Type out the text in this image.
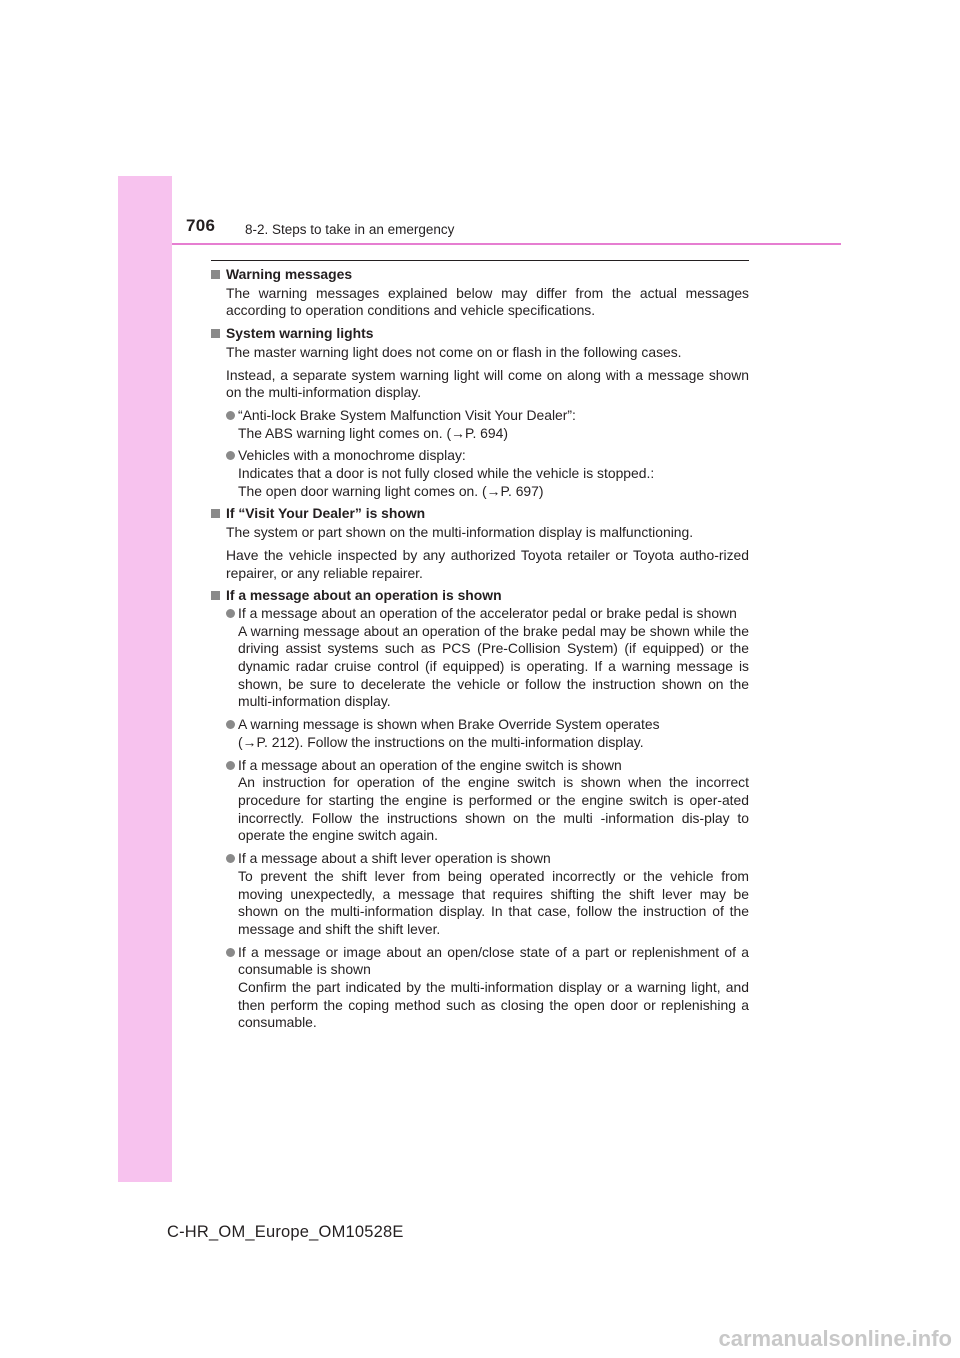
706 8-2. Steps to take in an emergency
Warning messages
The warning messages explained below may differ from the actual messages according to operation conditions and vehicle specifications.
System warning lights
The master warning light does not come on or flash in the following cases.
Instead, a separate system warning light will come on along with a message shown on the multi-information display.
“Anti-lock Brake System Malfunction Visit Your Dealer”:
The ABS warning light comes on. (→P. 694)
Vehicles with a monochrome display:
Indicates that a door is not fully closed while the vehicle is stopped.:
The open door warning light comes on. (→P. 697)
If “Visit Your Dealer” is shown
The system or part shown on the multi-information display is malfunctioning.
Have the vehicle inspected by any authorized Toyota retailer or Toyota autho-rized repairer, or any reliable repairer.
If a message about an operation is shown
If a message about an operation of the accelerator pedal or brake pedal is shown
A warning message about an operation of the brake pedal may be shown while the driving assist systems such as PCS (Pre-Collision System) (if equipped) or the dynamic radar cruise control (if equipped) is operating. If a warning message is shown, be sure to decelerate the vehicle or follow the instruction shown on the multi-information display.
A warning message is shown when Brake Override System operates
(→P. 212). Follow the instructions on the multi-information display.
If a message about an operation of the engine switch is shown
An instruction for operation of the engine switch is shown when the incorrect procedure for starting the engine is performed or the engine switch is oper-ated incorrectly. Follow the instructions shown on the multi -information dis-play to operate the engine switch again.
If a message about a shift lever operation is shown
To prevent the shift lever from being operated incorrectly or the vehicle from moving unexpectedly, a message that requires shifting the shift lever may be shown on the multi-information display. In that case, follow the instruction of the message and shift the shift lever.
If a message or image about an open/close state of a part or replenishment of a consumable is shown
Confirm the part indicated by the multi-information display or a warning light, and then perform the coping method such as closing the open door or replenishing a consumable.
C-HR_OM_Europe_OM10528E
carmanualsonline.info
